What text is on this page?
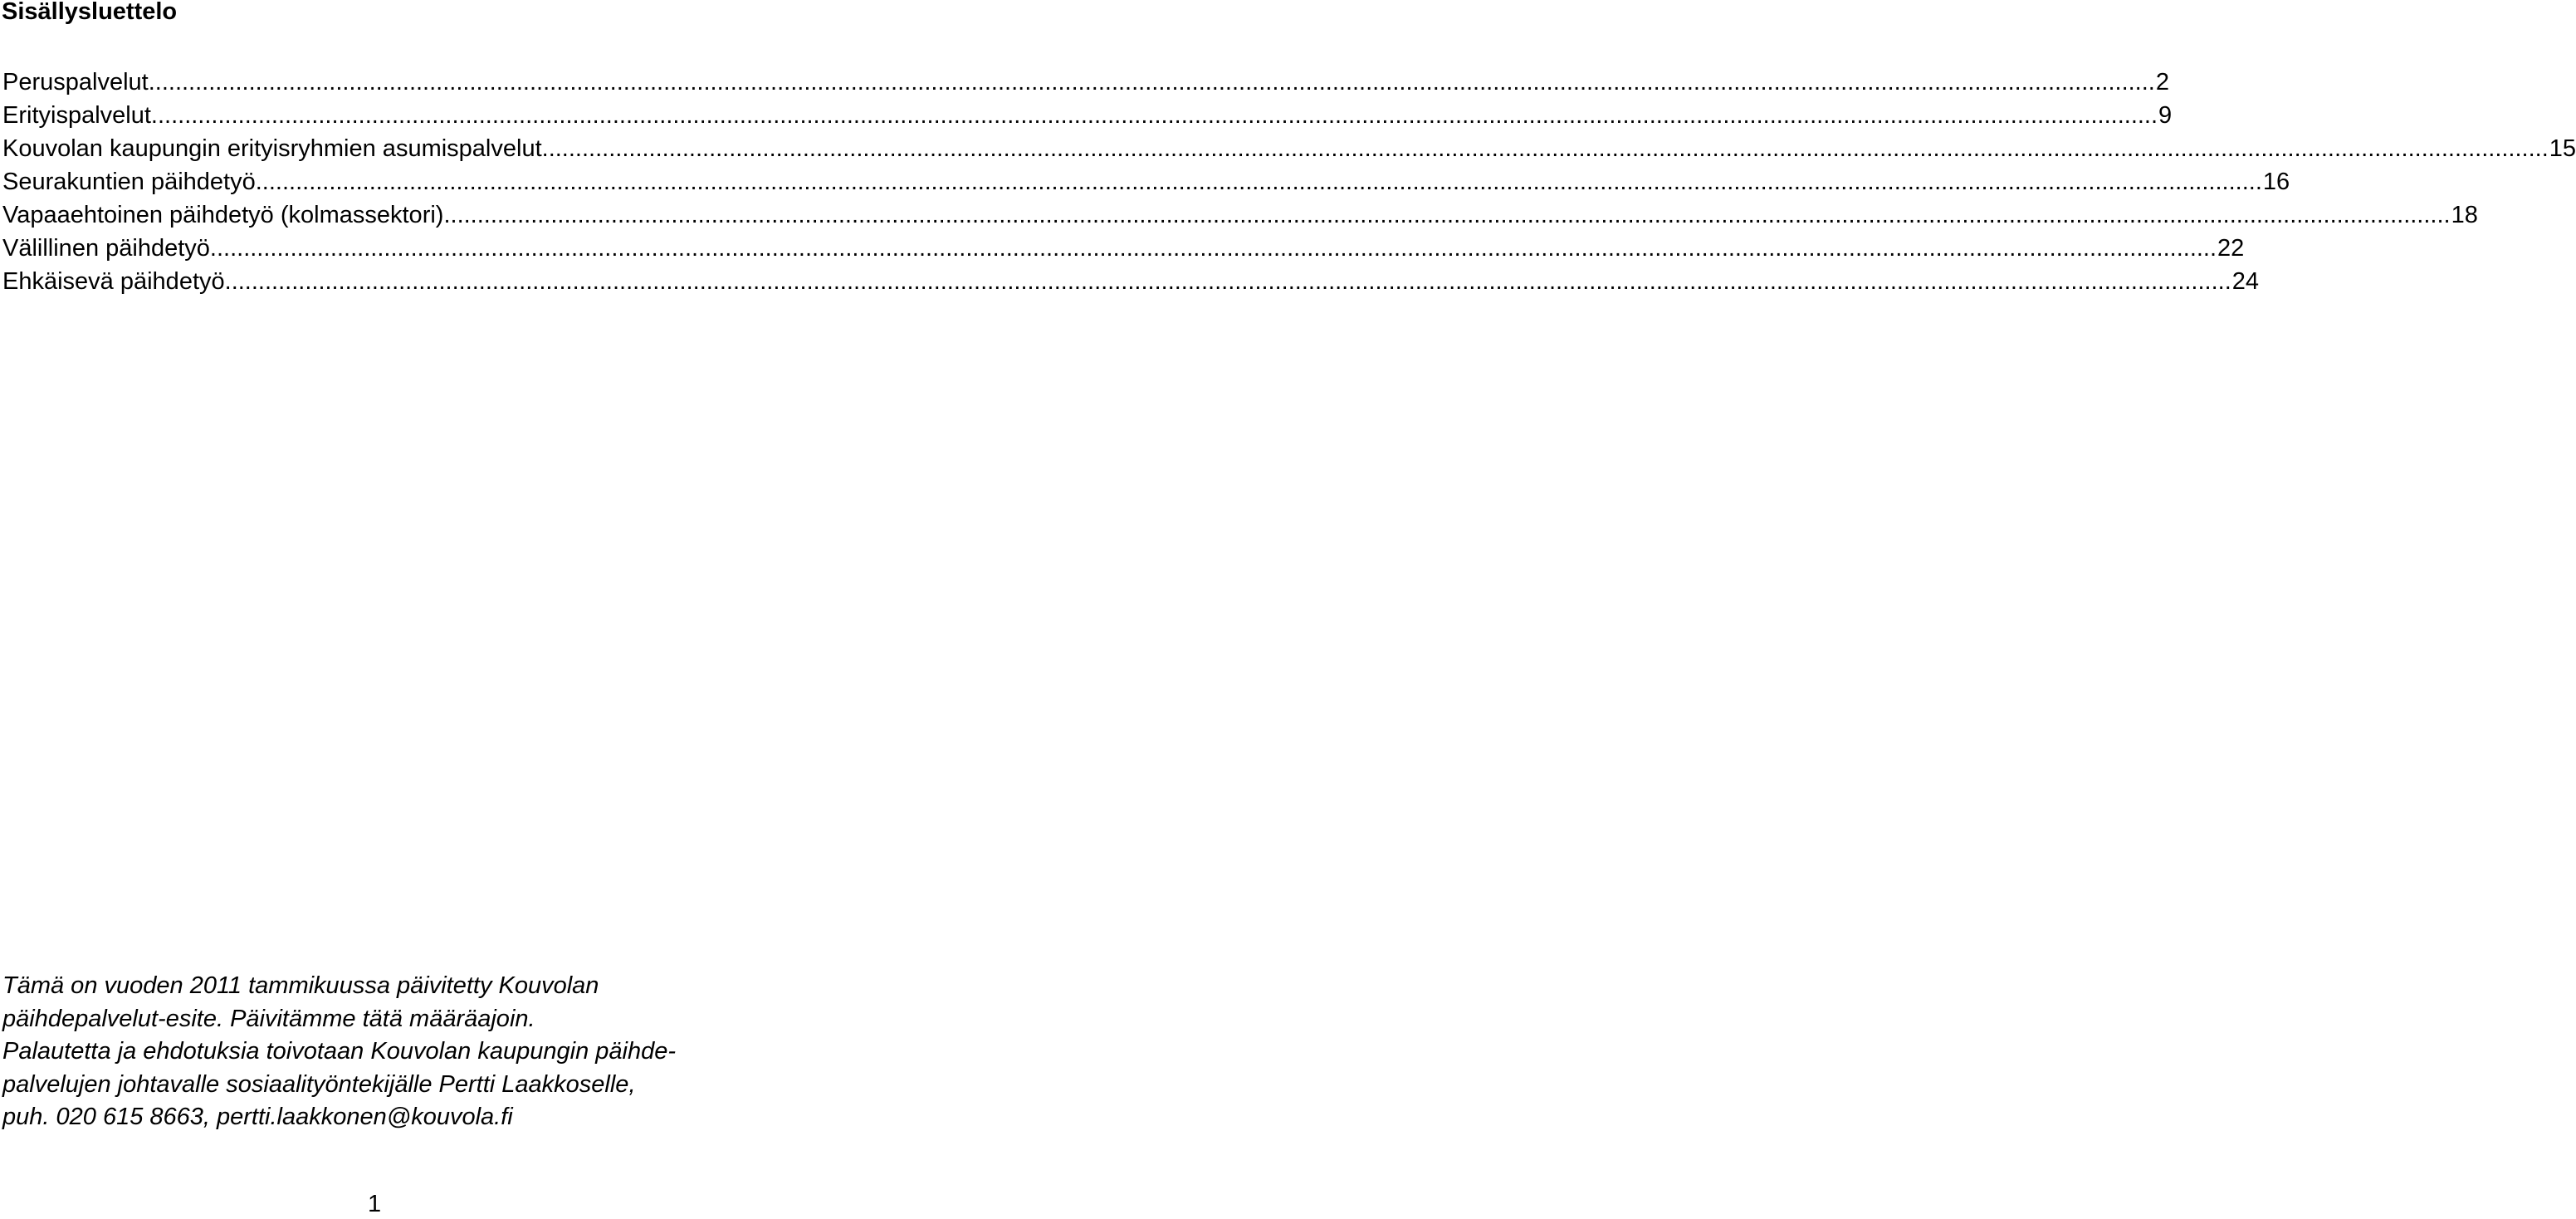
Sisällysluettelo
Peruspalvelut ............................................................................................................................................................................................................................................................................................................ 2
Erityispalvelut ............................................................................................................................................................................................................................................................................................................ 9
Kouvolan kaupungin erityisryhmien asumispalvelut ............................................................................................................................................................................................................................................................................................................ 15
Seurakuntien päihdetyö ............................................................................................................................................................................................................................................................................................................ 16
Vapaaehtoinen päihdetyö (kolmassektori) ............................................................................................................................................................................................................................................................................................................ 18
Välillinen päihdetyö ............................................................................................................................................................................................................................................................................................................ 22
Ehkäisevä päihdetyö ............................................................................................................................................................................................................................................................................................................ 24

Tämä on vuoden 2011 tammikuussa päivitetty Kouvolan
päihdepalvelut-esite. Päivitämme tätä määräajoin.
Palautetta ja ehdotuksia toivotaan Kouvolan kaupungin päihde-
palvelujen johtavalle sosiaalityöntekijälle Pertti Laakkoselle,
puh. 020 615 8663, pertti.laakkonen@kouvola.fi

1
